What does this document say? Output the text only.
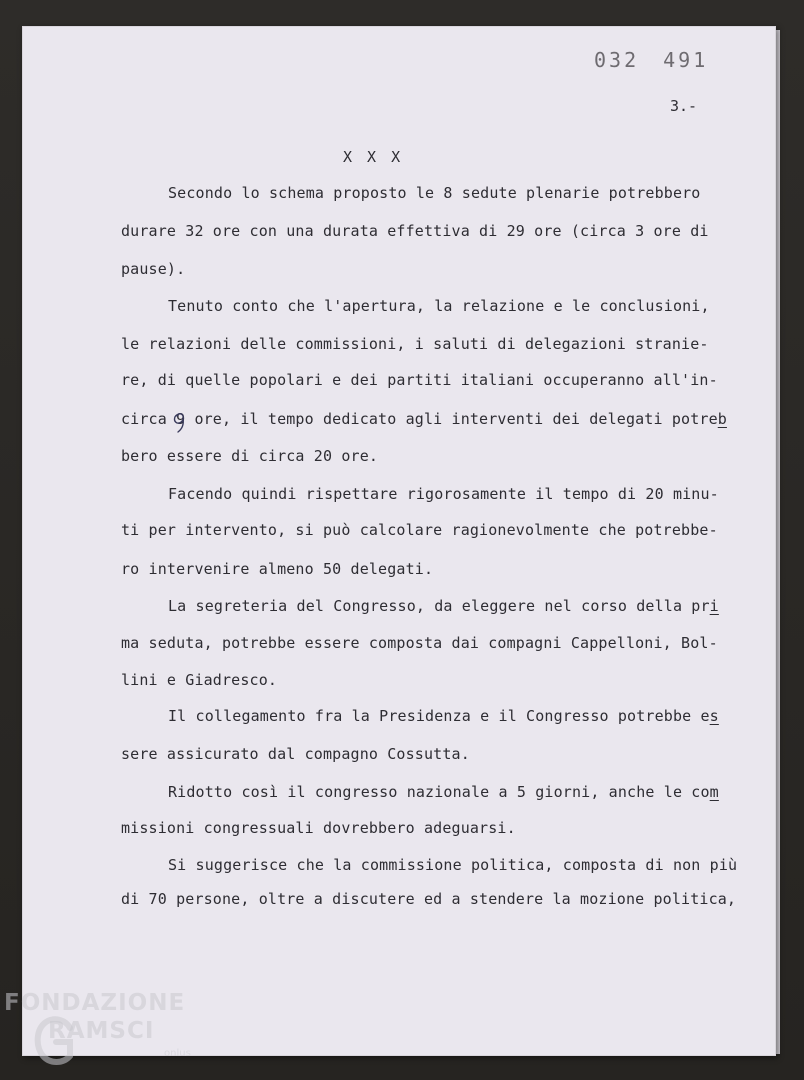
032 491
3.-
X X X
Secondo lo schema proposto le 8 sedute plenarie potrebbero
durare 32 ore con una durata effettiva di 29 ore (circa 3 ore di
pause).
Tenuto conto che l'apertura, la relazione e le conclusioni,
le relazioni delle commissioni, i saluti di delegazioni straniе-
re, di quelle popolari e dei partiti italiani occuperanno all'in-
circa 9 ore, il tempo dedicato agli interventi dei delegati potreb
bero essere di circa 20 ore.
Facendo quindi rispettare rigorosamente il tempo di 20 minu-
ti per intervento, si può calcolare ragionevolmente che potrebbe-
ro intervenire almeno 50 delegati.
La segreteria del Congresso, da eleggere nel corso della pri
ma seduta, potrebbe essere composta dai compagni Cappelloni, Bol-
lini e Giadresco.
Il collegamento fra la Presidenza e il Congresso potrebbe es
sere assicurato dal compagno Cossutta.
Ridotto così il congresso nazionale a 5 giorni, anche le com
missioni congressuali dovrebbero adeguarsi.
Si suggerisce che la commissione politica, composta di non più
di 70 persone, oltre a discutere ed a stendere la mozione politica,
FONDAZIONE
RAMSCI
onlus
